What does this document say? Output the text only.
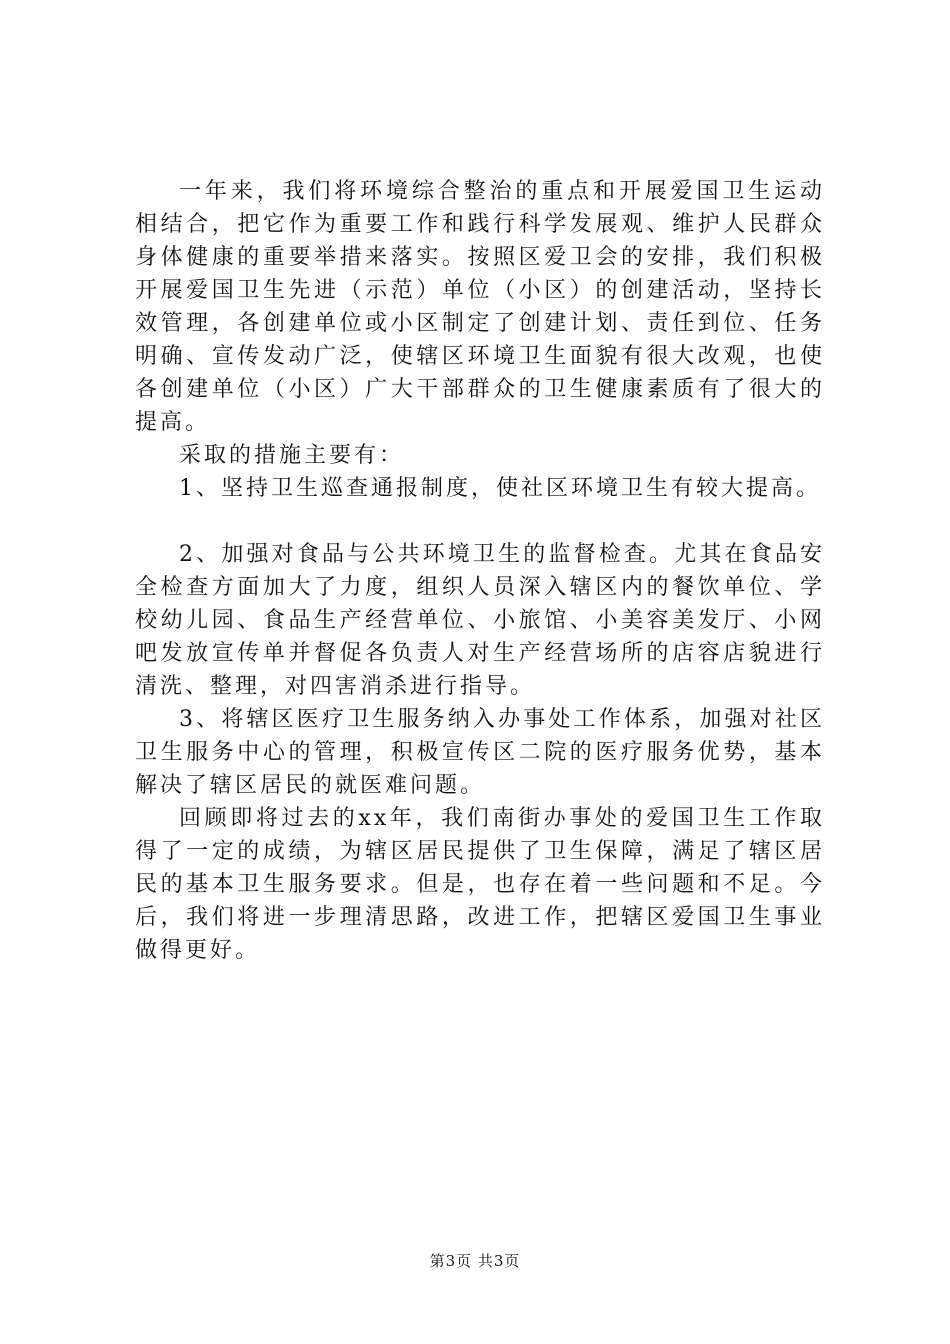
一年来，我们将环境综合整治的重点和开展爱国卫生运动相结合，把它作为重要工作和践行科学发展观、维护人民群众身体健康的重要举措来落实。按照区爱卫会的安排，我们积极开展爱国卫生先进（示范）单位（小区）的创建活动，坚持长效管理，各创建单位或小区制定了创建计划、责任到位、任务明确、宣传发动广泛，使辖区环境卫生面貌有很大改观，也使各创建单位（小区）广大干部群众的卫生健康素质有了很大的提高。

采取的措施主要有：

1、坚持卫生巡查通报制度，使社区环境卫生有较大提高。

2、加强对食品与公共环境卫生的监督检查。尤其在食品安全检查方面加大了力度，组织人员深入辖区内的餐饮单位、学校幼儿园、食品生产经营单位、小旅馆、小美容美发厅、小网吧发放宣传单并督促各负责人对生产经营场所的店容店貌进行清洗、整理，对四害消杀进行指导。

3、将辖区医疗卫生服务纳入办事处工作体系，加强对社区卫生服务中心的管理，积极宣传区二院的医疗服务优势，基本解决了辖区居民的就医难问题。

回顾即将过去的xx年，我们南街办事处的爱国卫生工作取得了一定的成绩，为辖区居民提供了卫生保障，满足了辖区居民的基本卫生服务要求。但是，也存在着一些问题和不足。今后，我们将进一步理清思路，改进工作，把辖区爱国卫生事业做得更好。

第3页 共3页
